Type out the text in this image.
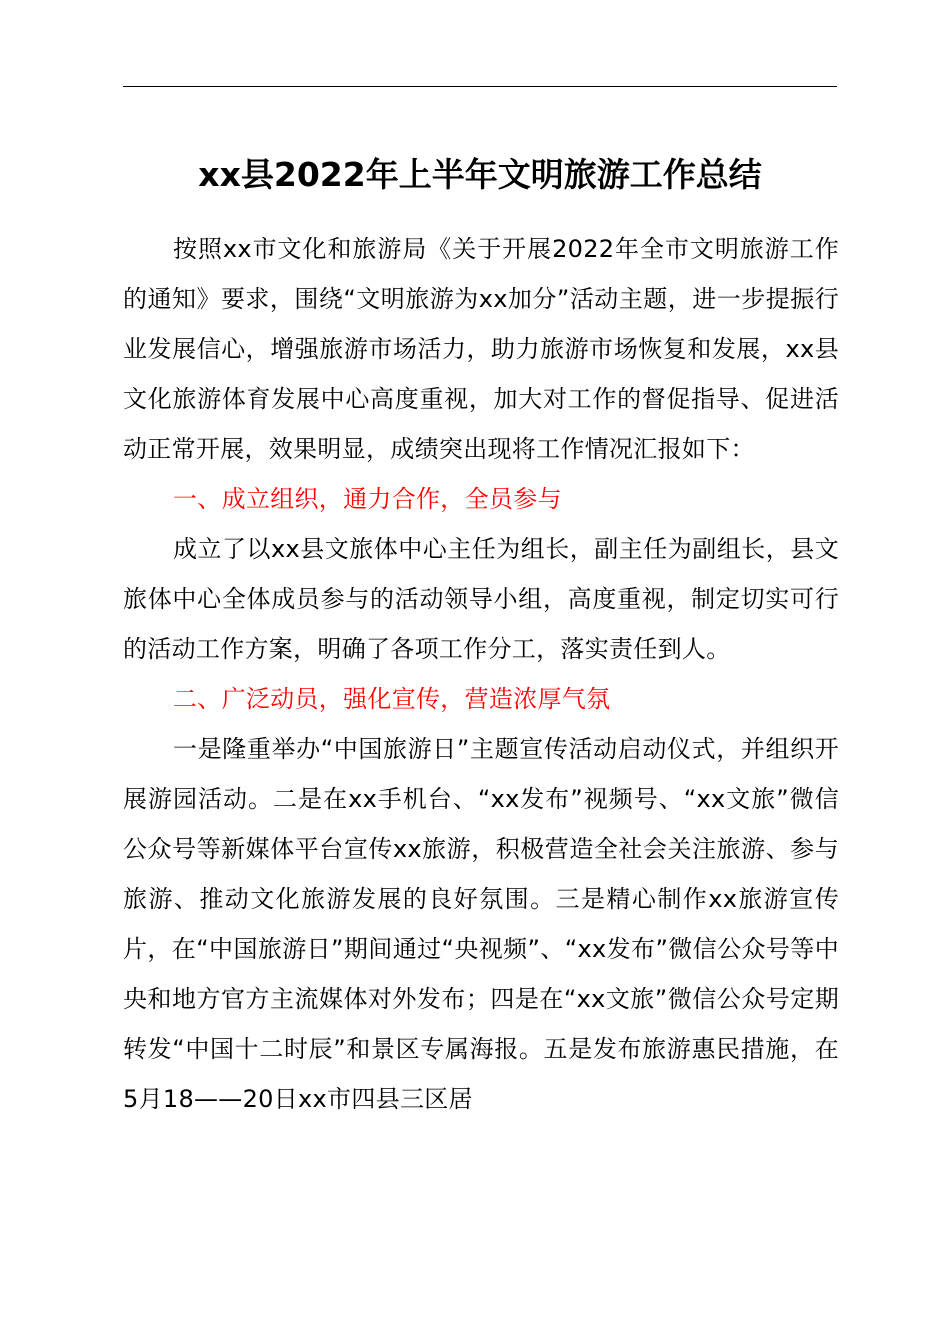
xx县2022年上半年文明旅游工作总结

按照xx市文化和旅游局《关于开展2022年全市文明旅游工作的通知》要求，围绕“文明旅游为xx加分”活动主题，进一步提振行业发展信心，增强旅游市场活力，助力旅游市场恢复和发展，xx县文化旅游体育发展中心高度重视，加大对工作的督促指导、促进活动正常开展，效果明显，成绩突出现将工作情况汇报如下：

一、成立组织，通力合作，全员参与

成立了以xx县文旅体中心主任为组长，副主任为副组长，县文旅体中心全体成员参与的活动领导小组，高度重视，制定切实可行的活动工作方案，明确了各项工作分工，落实责任到人。

二、广泛动员，强化宣传，营造浓厚气氛

一是隆重举办“中国旅游日”主题宣传活动启动仪式，并组织开展游园活动。二是在xx手机台、“xx发布”视频号、“xx文旅”微信公众号等新媒体平台宣传xx旅游，积极营造全社会关注旅游、参与旅游、推动文化旅游发展的良好氛围。三是精心制作xx旅游宣传片，在“中国旅游日”期间通过“央视频”、“xx发布”微信公众号等中央和地方官方主流媒体对外发布；四是在“xx文旅”微信公众号定期转发“中国十二时辰”和景区专属海报。五是发布旅游惠民措施，在5月18——20日xx市四县三区居
